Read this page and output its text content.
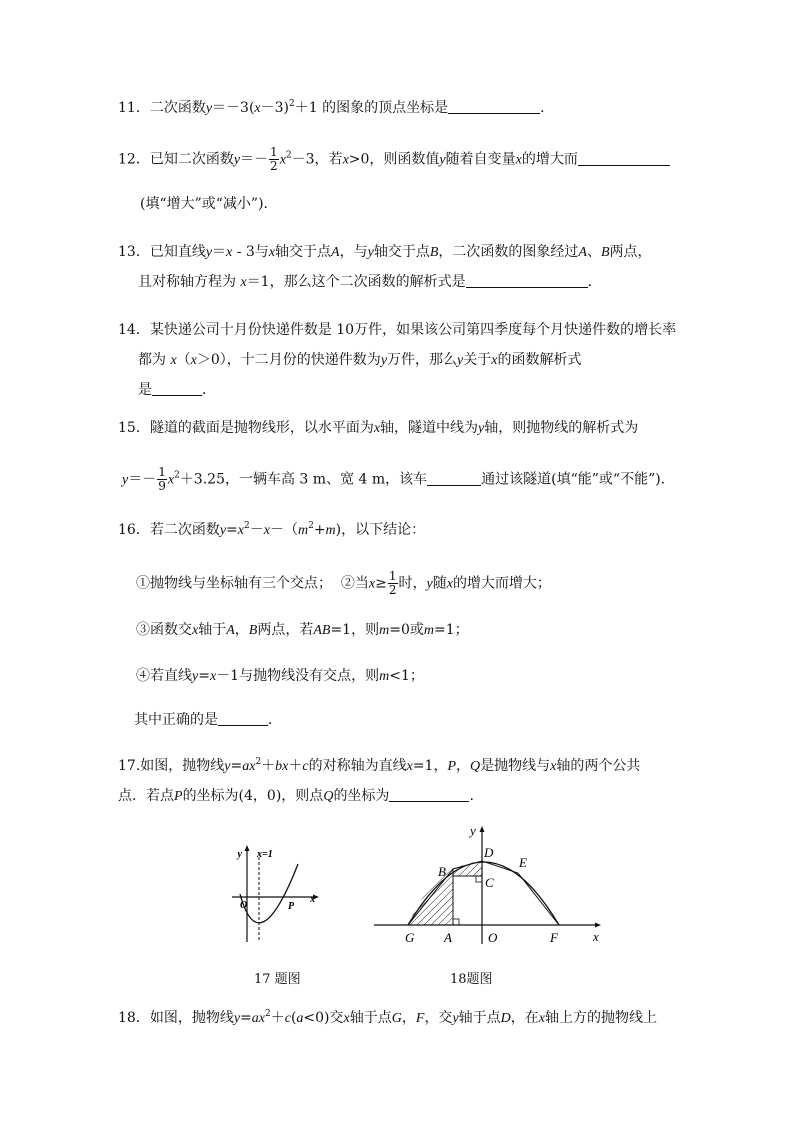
11．二次函数$y=-3(x-3)^2+1$ 的图象的顶点坐标是	．
12．已知二次函数$y=- \frac{1}{2} x^2-3$，若x>0，则函数值y随着自变量x的增大而
(填“增大”或“减小”)．
13．已知直线y＝x - 3与x轴交于点A，与y轴交于点B，二次函数的图象经过A、B两点，
且对称轴方程为 x＝1，那么这个二次函数的解析式是	．
14．某快递公司十月份快递件数是 10万件，如果该公司第四季度每个月快递件数的增长率
都为 x（x＞0），十二月份的快递件数为y万件，那么y关于x的函数解析式
是	．
15．隧道的截面是抛物线形，以水平面为x轴，隧道中线为y轴，则抛物线的解析式为
$y=- \frac{1}{9} x^2+3.25$，一辆车高 3 m、宽 4 m，该车	通过该隧道(填“能”或“不能”)．
16．若二次函数$y=x^2-x-(m^2+m)$，以下结论：
①抛物线与坐标轴有三个交点； ②当$x\ge \frac{1}{2}$ 时，y随x的增大而增大；
③函数交x轴于A，B两点，若AB=1，则m=0或m=1；
④若直线y=x－1与抛物线没有交点，则m<1；
其中正确的是	．
17.如图，抛物线$y=ax^2+bx+c$的对称轴为直线x=1，P，Q是抛物线与x轴的两个公共
点．若点P的坐标为(4，0)，则点Q的坐标为	.
y x=1
O	P
x
17 题图
y
D
E
B
C
G A	O	F	x
18题图
18．如图，抛物线$y=ax^2+c(a<0)$交x轴于点G，F，交y轴于点D，在x轴上方的抛物线上
